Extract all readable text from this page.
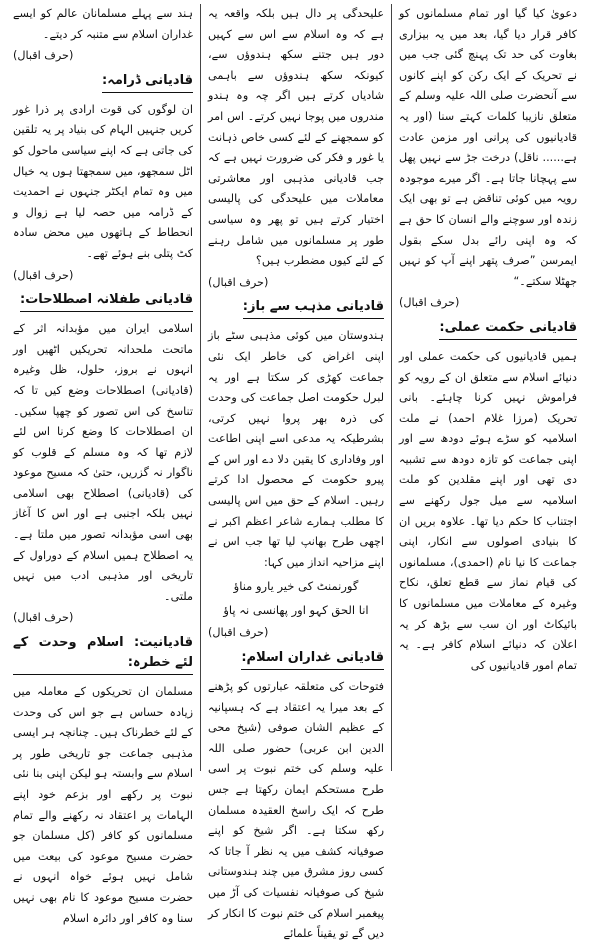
دعویٰ کیا گیا اور تمام مسلمانوں کو کافر قرار دیا گیا، بعد میں یہ بیزاری بغاوت کی حد تک پہنچ گئی جب میں نے تحریک کے ایک رکن کو اپنے کانوں سے آنحضرت صلی اللہ علیہ وسلم کے متعلق نازیبا کلمات کہتے سنا (اور یہ قادیانیوں کی پرانی اور مزمن عادت ہے...... ناقل) درخت جڑ سے نہیں پھل سے پہچانا جاتا ہے۔ اگر میرے موجودہ رویہ میں کوئی تناقض ہے تو بھی ایک زندہ اور سوچنے والے انسان کا حق ہے کہ وہ اپنی رائے بدل سکے بقول ایمرسن ”صرف پتھر اپنے آپ کو نہیں جھٹلا سکتے۔“

(حرف اقبال)

قادیانی حکمت عملی:

ہمیں قادیانیوں کی حکمت عملی اور دنیائے اسلام سے متعلق ان کے رویہ کو فراموش نہیں کرنا چاہئے۔ بانی تحریک (مرزا غلام احمد) نے ملت اسلامیہ کو سڑے ہوئے دودھ سے اور اپنی جماعت کو تازہ دودھ سے تشبیہ دی تھی اور اپنے مقلدین کو ملت اسلامیہ سے میل جول رکھنے سے اجتناب کا حکم دیا تھا۔ علاوہ بریں ان کا بنیادی اصولوں سے انکار، اپنی جماعت کا نیا نام (احمدی)، مسلمانوں کی قیام نماز سے قطع تعلق، نکاح وغیرہ کے معاملات میں مسلمانوں کا بائیکاٹ اور ان سب سے بڑھ کر یہ اعلان کہ دنیائے اسلام کافر ہے۔ یہ تمام امور قادیانیوں کی

علیحدگی پر دال ہیں بلکہ واقعہ یہ ہے کہ وہ اسلام سے اس سے کہیں دور ہیں جتنے سکھ ہندوؤں سے، کیونکہ سکھ ہندوؤں سے باہمی شادیاں کرتے ہیں اگر چہ وہ ہندو مندروں میں پوجا نہیں کرتے۔ اس امر کو سمجھنے کے لئے کسی خاص ذہانت یا غور و فکر کی ضرورت نہیں ہے کہ جب قادیانی مذہبی اور معاشرتی معاملات میں علیحدگی کی پالیسی اختیار کرتے ہیں تو پھر وہ سیاسی طور پر مسلمانوں میں شامل رہنے کے لئے کیوں مضطرب ہیں؟

(حرف اقبال)

قادیانی مذہب سے باز:

ہندوستان میں کوئی مذہبی سٹے باز اپنی اغراض کی خاطر ایک نئی جماعت کھڑی کر سکتا ہے اور یہ لبرل حکومت اصل جماعت کی وحدت کی ذرہ بھر پروا نہیں کرتی، بشرطیکہ یہ مدعی اسے اپنی اطاعت اور وفاداری کا یقین دلا دے اور اس کے پیرو حکومت کے محصول ادا کرتے رہیں۔ اسلام کے حق میں اس پالیسی کا مطلب ہمارے شاعر اعظم اکبر نے اچھی طرح بھانپ لیا تھا جب اس نے اپنے مزاحیہ انداز میں کہا:

گورنمنٹ کی خیر یارو مناؤ

انا الحق کہو اور پھانسی نہ پاؤ

(حرف اقبال)

قادیانی غداران اسلام:

فتوحات کی متعلقہ عبارتوں کو پڑھنے کے بعد میرا یہ اعتقاد ہے کہ ہسپانیہ کے عظیم الشان صوفی (شیخ محی الدین ابن عربی) حضور صلی اللہ علیہ وسلم کی ختم نبوت پر اسی طرح مستحکم ایمان رکھتا ہے جس طرح کہ ایک راسخ العقیدہ مسلمان رکھ سکتا ہے۔ اگر شیخ کو اپنے صوفیانہ کشف میں یہ نظر آ جاتا کہ کسی روز مشرق میں چند ہندوستانی شیخ کی صوفیانہ نفسیات کی آڑ میں پیغمبر اسلام کی ختم نبوت کا انکار کر دیں گے تو یقیناً علمائے

ہند سے پہلے مسلمانان عالم کو ایسے غداران اسلام سے متنبہ کر دیتے۔

(حرف اقبال)

قادیانی ڈرامہ:

ان لوگوں کی قوت ارادی پر ذرا غور کریں جنہیں الہام کی بنیاد پر یہ تلقین کی جاتی ہے کہ اپنے سیاسی ماحول کو اٹل سمجھو، میں سمجھتا ہوں یہ خیال میں وہ تمام ایکٹر جنہوں نے احمدیت کے ڈرامہ میں حصہ لیا ہے زوال و انحطاط کے ہاتھوں میں محض سادہ کٹ پتلی بنے ہوئے تھے۔

(حرف اقبال)

قادیانی طفلانہ اصطلاحات:

اسلامی ایران میں مؤبدانہ اثر کے ماتحت ملحدانہ تحریکیں اٹھیں اور انہوں نے بروز، حلول، ظل وغیرہ (قادیانی) اصطلاحات وضع کیں تا کہ تناسخ کی اس تصور کو چھپا سکیں۔ ان اصطلاحات کا وضع کرنا اس لئے لازم تھا کہ وہ مسلم کے قلوب کو ناگوار نہ گزریں، حتیٰ کہ مسیح موعود کی (قادیانی) اصطلاح بھی اسلامی نہیں بلکہ اجنبی ہے اور اس کا آغاز بھی اسی مؤبدانہ تصور میں ملتا ہے۔ یہ اصطلاح ہمیں اسلام کے دوراول کے تاریخی اور مذہبی ادب میں نہیں ملتی۔

(حرف اقبال)

قادیانیت: اسلام وحدت کے لئے خطرہ:

مسلمان ان تحریکوں کے معاملہ میں زیادہ حساس ہے جو اس کی وحدت کے لئے خطرناک ہیں۔ چنانچہ ہر ایسی مذہبی جماعت جو تاریخی طور پر اسلام سے وابستہ ہو لیکن اپنی بنا نئی نبوت پر رکھے اور بزعم خود اپنے الہامات پر اعتقاد نہ رکھنے والے تمام مسلمانوں کو کافر (کل مسلمان جو حضرت مسیح موعود کی بیعت میں شامل نہیں ہوئے خواہ انہوں نے حضرت مسیح موعود کا نام بھی نہیں سنا وہ کافر اور دائرہ اسلام
